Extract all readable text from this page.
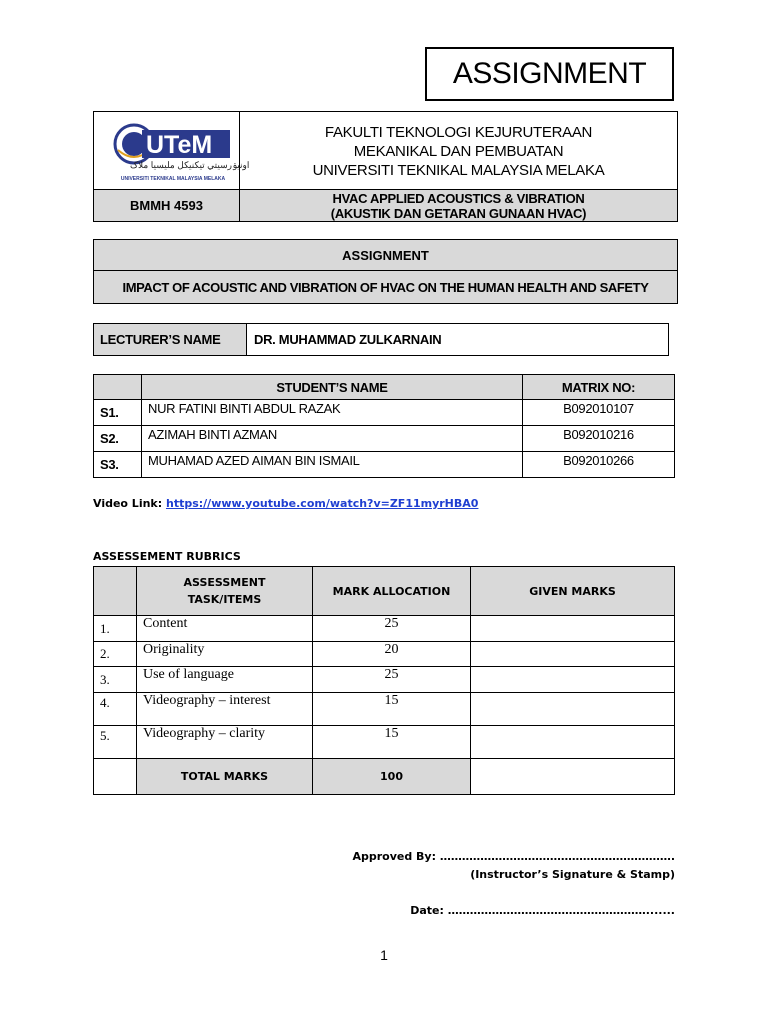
ASSIGNMENT
UTeM
اونيۏرسيتي تيكنيکل مليسيا ملاک
UNIVERSITI TEKNIKAL MALAYSIA MELAKA
FAKULTI TEKNOLOGI KEJURUTERAAN
MEKANIKAL DAN PEMBUATAN
UNIVERSITI TEKNIKAL MALAYSIA MELAKA
BMMH 4593	HVAC APPLIED ACOUSTICS & VIBRATION
(AKUSTIK DAN GETARAN GUNAAN HVAC)
ASSIGNMENT
IMPACT OF ACOUSTIC AND VIBRATION OF HVAC ON THE HUMAN HEALTH AND SAFETY
LECTURER’S NAME	DR. MUHAMMAD ZULKARNAIN
	STUDENT’S NAME	MATRIX NO:
S1.	NUR FATINI BINTI ABDUL RAZAK	B092010107
S2.	AZIMAH BINTI AZMAN	B092010216
S3.	MUHAMAD AZED AIMAN BIN ISMAIL	B092010266
Video Link: https://www.youtube.com/watch?v=ZF11myrHBA0
ASSESSEMENT RUBRICS
	ASSESSMENT TASK/ITEMS	MARK ALLOCATION	GIVEN MARKS
1.	Content	25	
2.	Originality	20	
3.	Use of language	25	
4.	Videography – interest	15	
5.	Videography – clarity	15	
	TOTAL MARKS	100	
Approved By: ……………………………………………………….
(Instructor’s Signature & Stamp)
Date: ……………………………………………….......
1
